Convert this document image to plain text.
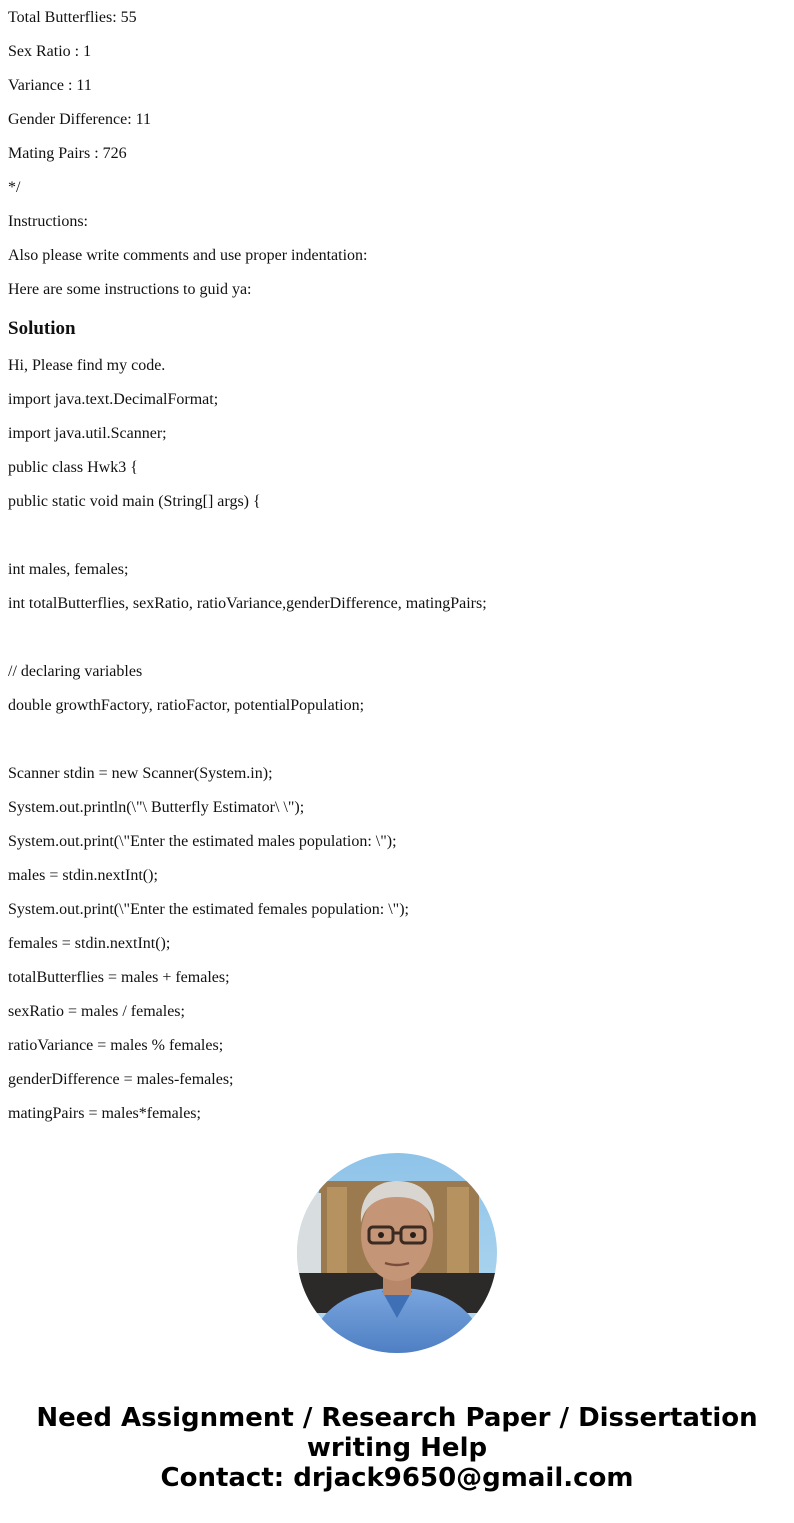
Total Butterflies: 55
Sex Ratio : 1
Variance : 11
Gender Difference: 11
Mating Pairs : 726
*/
Instructions:
Also please write comments and use proper indentation:
Here are some instructions to guid ya:
Solution
Hi, Please find my code.
import java.text.DecimalFormat;
import java.util.Scanner;
public class Hwk3 {
public static void main (String[] args) {
int males, females;
int totalButterflies, sexRatio, ratioVariance,genderDifference, matingPairs;
// declaring variables
double growthFactory, ratioFactor, potentialPopulation;
Scanner stdin = new Scanner(System.in);
System.out.println(\"\ Butterfly Estimator\ \");
System.out.print(\"Enter the estimated males population: \");
males = stdin.nextInt();
System.out.print(\"Enter the estimated females population: \");
females = stdin.nextInt();
totalButterflies = males + females;
sexRatio = males / females;
ratioVariance = males % females;
genderDifference = males-females;
matingPairs = males*females;
Need Assignment / Research Paper / Dissertation
writing Help
Contact: drjack9650@gmail.com
